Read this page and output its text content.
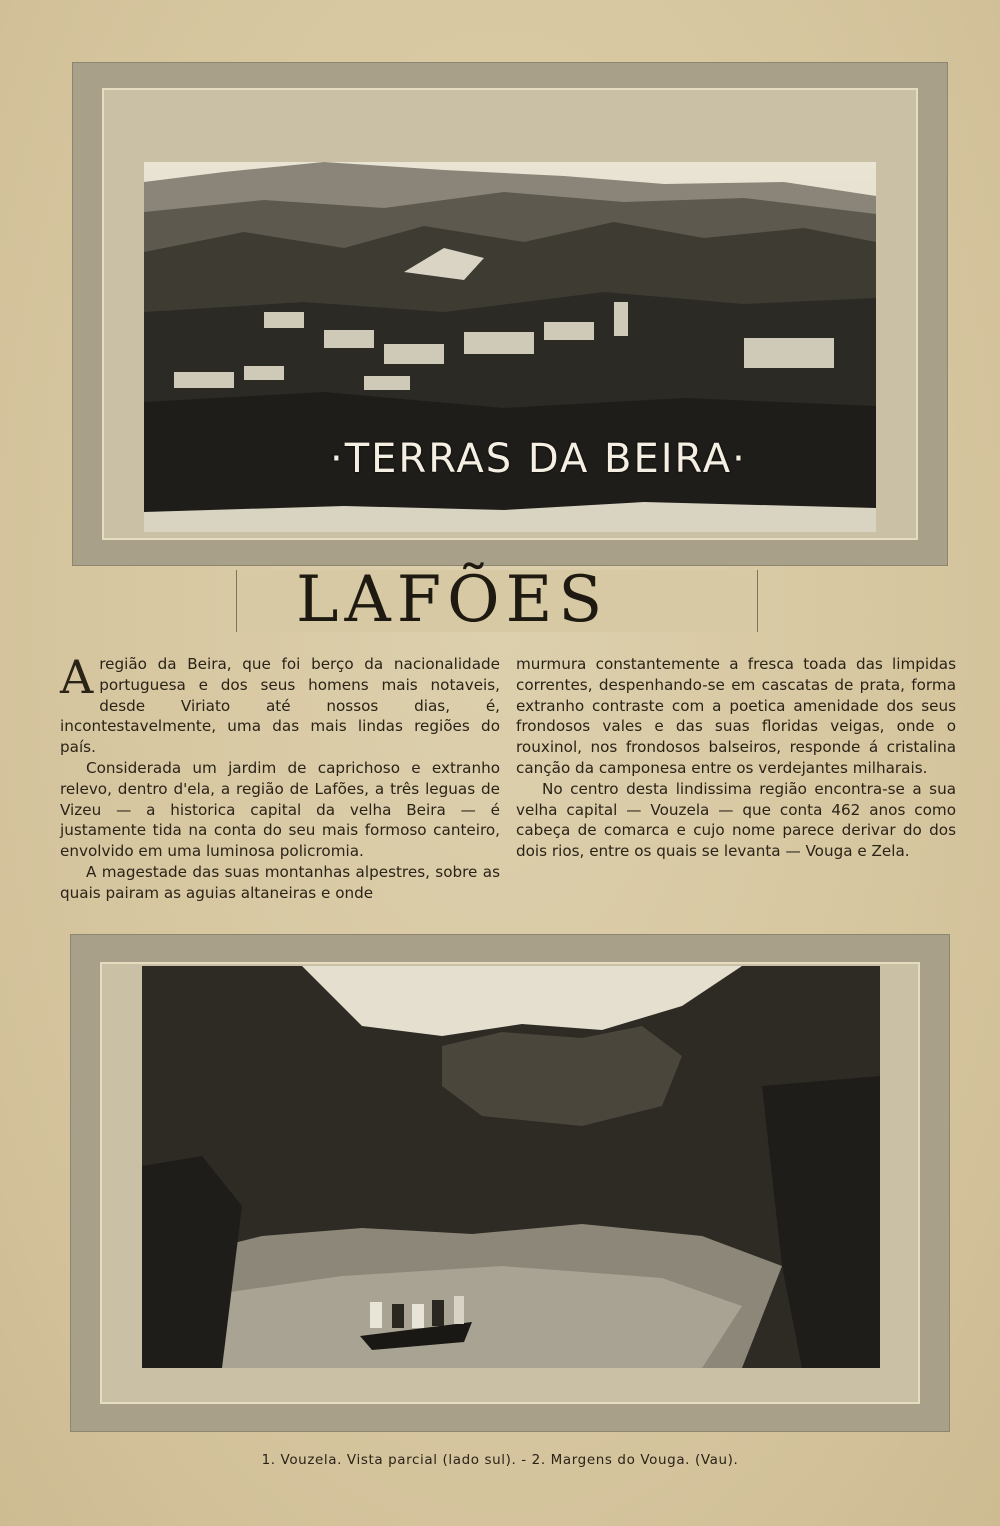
·TERRAS DA BEIRA·
LAFÕES

A região da Beira, que foi berço da nacionalidade portuguesa e dos seus homens mais notaveis, desde Viriato até nossos dias, é, incontestavelmente, uma das mais lindas regiões do país.

Considerada um jardim de caprichoso e extranho relevo, dentro d'ela, a região de Lafões, a três leguas de Vizeu — a historica capital da velha Beira — é justamente tida na conta do seu mais formoso canteiro, envolvido em uma luminosa policromia.

A magestade das suas montanhas alpestres, sobre as quais pairam as aguias altaneiras e onde

murmura constantemente a fresca toada das limpidas correntes, despenhando-se em cascatas de prata, forma extranho contraste com a poetica amenidade dos seus frondosos vales e das suas floridas veigas, onde o rouxinol, nos frondosos balseiros, responde á cristalina canção da camponesa entre os verdejantes milharais.

No centro desta lindissima região encontra-se a sua velha capital — Vouzela — que conta 462 anos como cabeça de comarca e cujo nome parece derivar do dos dois rios, entre os quais se levanta — Vouga e Zela.

1. Vouzela. Vista parcial (lado sul). - 2. Margens do Vouga. (Vau).
